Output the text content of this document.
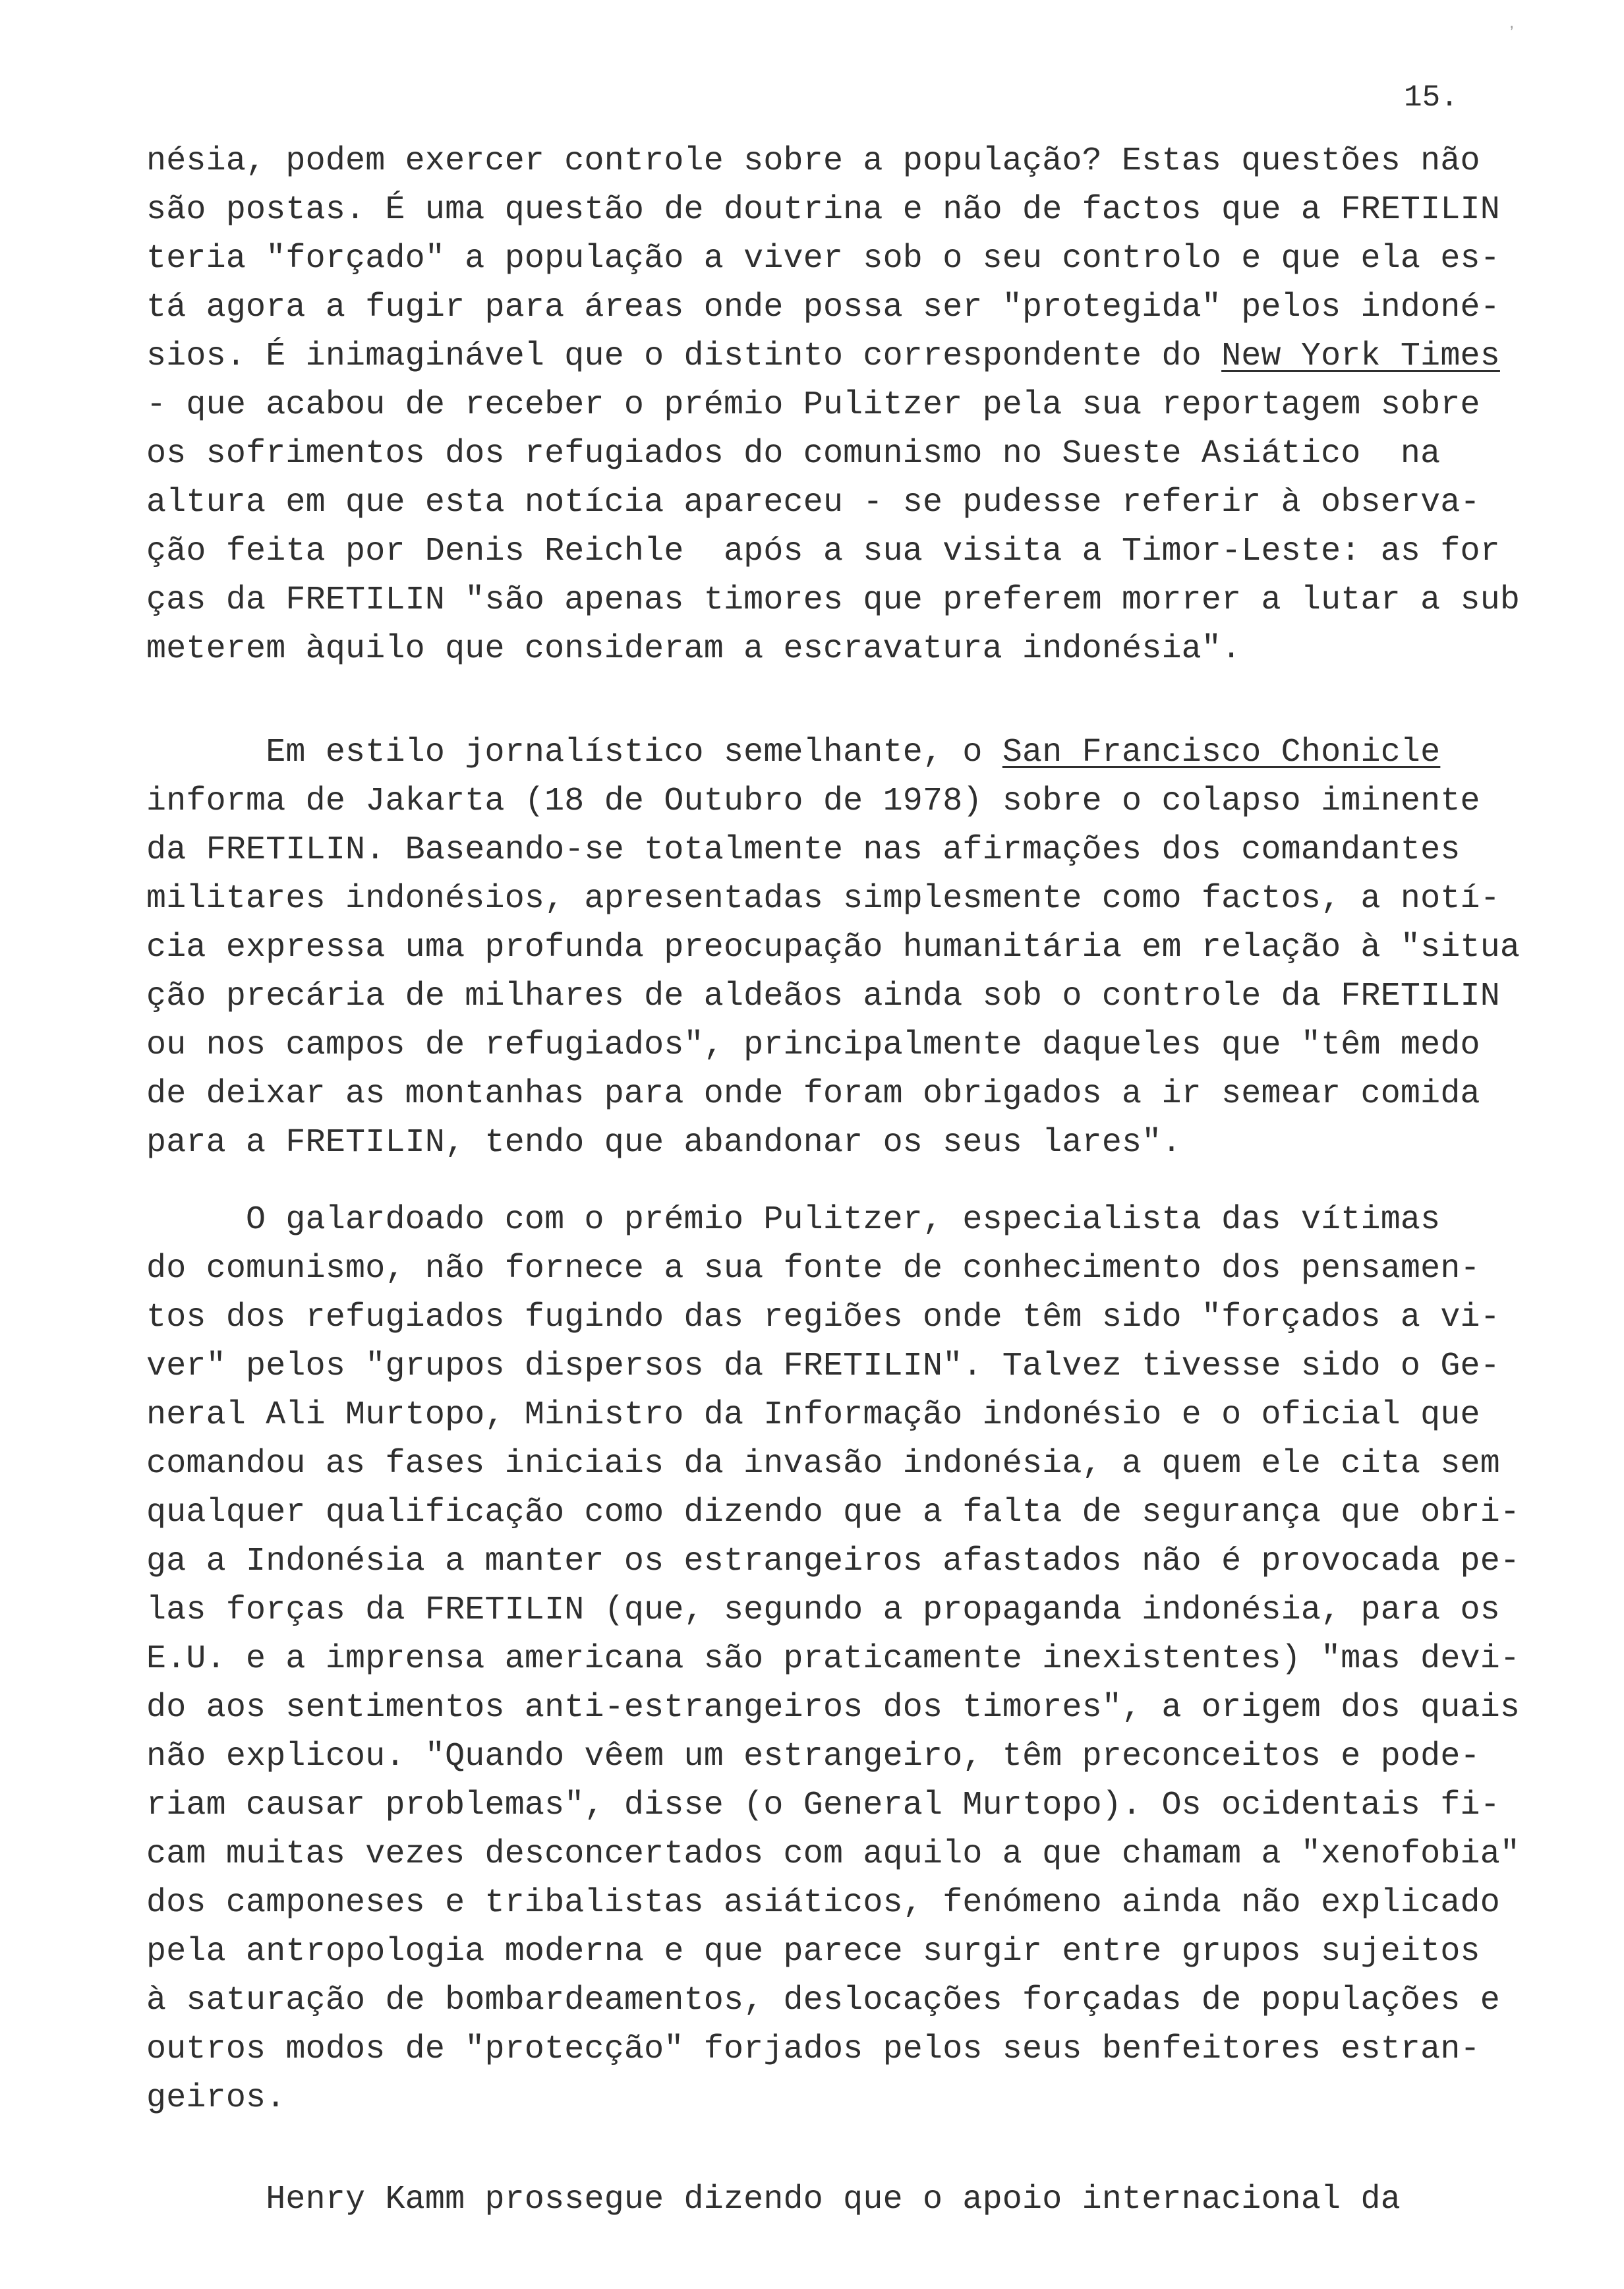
,
15.
nésia, podem exercer controle sobre a população? Estas questões não
são postas. É uma questão de doutrina e não de factos que a FRETILIN
teria "forçado" a população a viver sob o seu controlo e que ela es-
tá agora a fugir para áreas onde possa ser "protegida" pelos indoné-
sios. É inimaginável que o distinto correspondente do New York Times
- que acabou de receber o prémio Pulitzer pela sua reportagem sobre
os sofrimentos dos refugiados do comunismo no Sueste Asiático  na
altura em que esta notícia apareceu - se pudesse referir à observa-
ção feita por Denis Reichle  após a sua visita a Timor-Leste: as for
ças da FRETILIN "são apenas timores que preferem morrer a lutar a sub
meterem àquilo que consideram a escravatura indonésia".
Em estilo jornalístico semelhante, o San Francisco Chonicle
informa de Jakarta (18 de Outubro de 1978) sobre o colapso iminente
da FRETILIN. Baseando-se totalmente nas afirmações dos comandantes
militares indonésios, apresentadas simplesmente como factos, a notí-
cia expressa uma profunda preocupação humanitária em relação à "situa
ção precária de milhares de aldeãos ainda sob o controle da FRETILIN
ou nos campos de refugiados", principalmente daqueles que "têm medo
de deixar as montanhas para onde foram obrigados a ir semear comida
para a FRETILIN, tendo que abandonar os seus lares".
O galardoado com o prémio Pulitzer, especialista das vítimas
do comunismo, não fornece a sua fonte de conhecimento dos pensamen-
tos dos refugiados fugindo das regiões onde têm sido "forçados a vi-
ver" pelos "grupos dispersos da FRETILIN". Talvez tivesse sido o Ge-
neral Ali Murtopo, Ministro da Informação indonésio e o oficial que
comandou as fases iniciais da invasão indonésia, a quem ele cita sem
qualquer qualificação como dizendo que a falta de segurança que obri-
ga a Indonésia a manter os estrangeiros afastados não é provocada pe-
las forças da FRETILIN (que, segundo a propaganda indonésia, para os
E.U. e a imprensa americana são praticamente inexistentes) "mas devi-
do aos sentimentos anti-estrangeiros dos timores", a origem dos quais
não explicou. "Quando vêem um estrangeiro, têm preconceitos e pode-
riam causar problemas", disse (o General Murtopo). Os ocidentais fi-
cam muitas vezes desconcertados com aquilo a que chamam a "xenofobia"
dos camponeses e tribalistas asiáticos, fenómeno ainda não explicado
pela antropologia moderna e que parece surgir entre grupos sujeitos
à saturação de bombardeamentos, deslocações forçadas de populações e
outros modos de "protecção" forjados pelos seus benfeitores estran-
geiros.
Henry Kamm prossegue dizendo que o apoio internacional da
